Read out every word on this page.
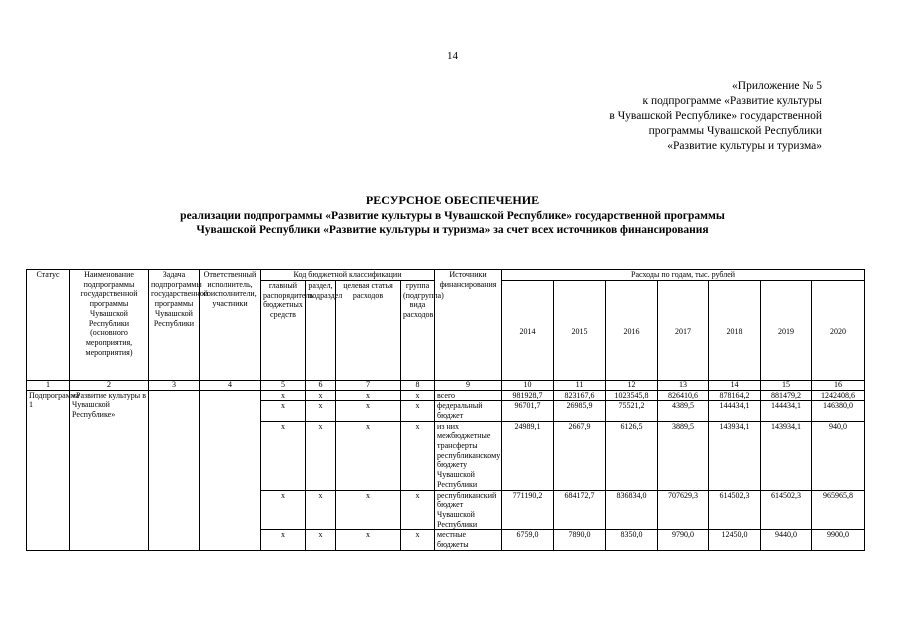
14
«Приложение № 5
к подпрограмме «Развитие культуры
в Чувашской Республике» государственной
программы Чувашской Республики
«Развитие культуры и туризма»
РЕСУРСНОЕ ОБЕСПЕЧЕНИЕ
реализации подпрограммы «Развитие культуры в Чувашской Республике» государственной программы
Чувашской Республики «Развитие культуры и туризма» за счет всех источников финансирования
Статус	Наименование подпрограммы государственной программы Чувашской Республики (основного мероприятия, мероприятия)	Задача подпрограммы государственной программы Чувашской Республики	Ответственный исполнитель, соисполнители, участники	Код бюджетной классификации				Источники финансирования	Расходы по годам, тыс. рублей						
				главный распорядитель бюджетных средств	раздел, подраздел	целевая статья расходов	группа (подгруппа) вида расходов		2014	2015	2016	2017	2018	2019	2020
1	2	3	4	5	6	7	8	9	10	11	12	13	14	15	16
Подпрограмма 1	«Развитие культуры в Чувашской Республике»			x	x	x	x	всего	981928,7	823167,6	1023545,8	826410,6	878164,2	881479,2	1242408,6
				x	x	x	x	федеральный бюджет	96701,7	26985,9	75521,2	4389,5	144434,1	144434,1	146380,0
				x	x	x	x	из них межбюджетные трансферты республиканскому бюджету Чувашской Республики	24989,1	2667,9	6126,5	3889,5	143934,1	143934,1	940,0
				x	x	x	x	республиканский бюджет Чувашской Республики	771190,2	684172,7	836834,0	707629,3	614502,3	614502,3	965965,8
				x	x	x	x	местные бюджеты	6759,0	7890,0	8350,0	9790,0	12450,0	9440,0	9900,0
